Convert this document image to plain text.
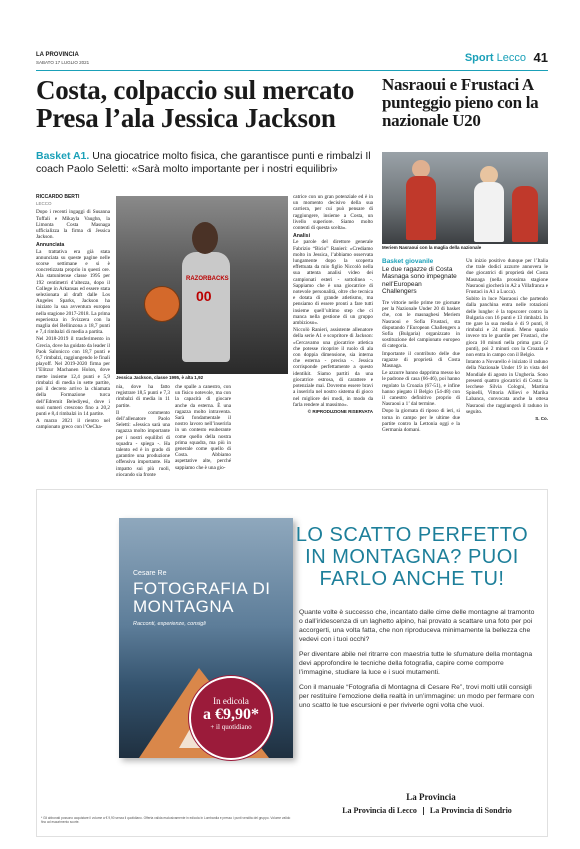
LA PROVINCIA
SABATO 17 LUGLIO 2021	Sport Lecco 41
Costa, colpaccio sul mercato Presa l’ala Jessica Jackson
Basket A1. Una giocatrice molto fisica, che garantisce punti e rimbalzi Il coach Paolo Seletti: «Sarà molto importante per i nostri equilibri»
RICCARDO BERTI
LECCO

Dopo i recenti ingaggi di Susanna Toffali e Mikayla Vaughn, la Limonta Costa Masnaga ufficializza la firma di Jessica Jackson.

Annunciata

La trattativa era già stata annunciata su queste pagine nelle scorse settimane e si è concretizzata proprio in questi ore. Ala statunitense classe 1995 per 192 centimetri d’altezza, dopo il College in Arkansas ed essere stata selezionata al draft dalle Los Angeles Sparks, Jackson ha iniziato la sua avventura europea nella stagione 2017-2018. La prima esperienza in Svizzera con la maglia del Bellinzona a 18,7 punti e 7,4 rimbalzi di media a partita.

Nel 2018-2019 il trasferimento in Grecia, dove ha guidato da leader il Paok Salonicco con 18,7 punti e 6,7 rimbalzi, raggiungendo le finali playoff. Nel 2019-2020 firma per l’Elitzur Machanen Holon, dove mette insieme 12,4 punti e 5,9 rimbalzi di media in sette partite, poi il decreto arrivo la chiamata della Formazione turca dell’Edremit Belediyesi, dove i suoi numeri crescono fino a 20,2 punti e 8,4 rimbalzi in 14 partite.

A marzo 2021 il rientro nel campionato greco con l’OeCha-

RAZORBACKS
00
Jessica Jackson, classe 1995, è alta 1,92

nia, dove ha fatto registrare 18,5 punti e 7,3 rimbalzi di media in 11 partite.

Il commento dell’allenatore Paolo Seletti: «Jessica sarà una ragazza molto importante per i nostri equilibri di squadra - spiega -. Ha talento ed è in grado di garantire una produzione offensiva importante. Ha impatto sui più ruoli, giocando sia fronte

che spalle a canestro, con un fisico notevole, ma con la capacità di giocare anche da esterna. È una ragazza molto intraventa. Sarà fondamentale il nostro lavoro nell’inserirla in un contesto esuberante come quello della nostra prima squadra, ma più in generale come quello di Costa. Abbiamo aspettative alte, perché sappiamo che è una gio-

catrice con un gran potenziale ed è in un momento decisivo della sua carriera, per cui può pensare di raggiungere, insieme a Costa, un livello superiore. Siamo molto contenti di questa scelta».

Analisi

Le parole del direttore generale Fabrizio “Bicio” Ranieri: «Crediamo molto in Jessica, l’abbiamo osservata lungamente dopo la scoperta effettuata da mio figlio Niccolò nella sua attenta analisi video dei campionati esteri - sottolinea -. Sappiamo che è una giocatrice di notevole personalità, oltre che tecnica e dotata di grande atletismo, ma pensiamo di essere pronti a fare tutti insieme quell’ultimo step che ci manca nella gestione di un gruppo ambizioso».

Niccolò Ranieri, assistente allenatore della serie A1 e scopritore di Jackson: «Cercavamo una giocatrice atletica che potesse ricoprire il ruolo di ala con doppia dimensione, sia interna che esterna - precisa -. Jessica corrisponde perfettamente a questo identikit. Siamo partiti da una giocatrice estrosa, di carattere e potenziale mai. Dovremo essere bravi a inserirla nel nostro sistema di gioco nel migliore dei modi, in modo da farla rendere al massimo».

© RIPRODUZIONE RISERVATA

Nasraoui e Frustaci A punteggio pieno con la nazionale U20
Meriem Nasraoui con la maglia della nazionale
Basket giovanile
Le due ragazze di Costa Masnaga sono impegnate nell’European Challengers

Tre vittorie nelle prime tre giornate per la Nazionale Under 20 di basket che, con le masnaghesi Meriem Nasraoui e Sofia Frustaci, sta disputando l’European Challengers a Sofia (Bulgaria) organizzato in sostituzione del campionato europeo di categoria.

Importante il contributo delle due ragazze di proprietà di Costa Masnaga.

Le azzurre hanno dapprima messo ko le padrone di casa (66-46), poi hanno regolato la Croazia (67-51), e infine hanno piegato il Belgio (54-48) con il canestro definitivo proprio di Nasraoui a 1’ dal termine.

Dopo la giornata di riposo di ieri, si torna in campo per le ultime due partite contro la Lettonia oggi e la Germania domani.

Un inizio positivo dunque per l’Italia che trale dodici azzurre annovera le due giocatrici di proprietà del Costa Masnaga (nella prossima stagione Nasraoui giocherà in A2 a Villafranca e Frustaci in A1 a Lucca).

Subito in luce Nasraoui che partendo dalla panchina entra nelle rotazioni delle lunghe: è la topscorer contro la Bulgaria con 16 punti e 13 rimbalzi. In tre gare la sua media è di 9 punti, 8 rimbalzi e 24 minuti. Meno spazio invece tra le guardie per Frustaci, che gioca 10 minuti nella prima gara (2 punti), poi 2 minuti con la Croazia e non entra in campo con il Belgio.

Intanto a Novarello è iniziato il raduno della Nazionale Under 19 in vista del Mondiale di agosto in Ungheria. Sono presenti quattro giocatrici di Costa: la lecchese Silvia Cologni, Martina Spinelli, Vittoria Allievi e Marika Labanca, convocata anche la ottesa Nasraoui che raggiungerà il raduno in seguito.

S. Co.

Cesare Re
FOTOGRAFIA DI MONTAGNA
Racconti, esperienze, consigli
In edicola
a €9,90*
+ il quotidiano
LO SCATTO PERFETTO IN MONTAGNA? PUOI FARLO ANCHE TU!

Quante volte è successo che, incantato dalle cime delle montagne al tramonto o dall’iridescenza di un laghetto alpino, hai provato a scattare una foto per poi accorgerti, una volta fatta, che non riproduceva minimamente la bellezza che vedevi con i tuoi occhi?

Per diventare abile nel ritrarre con maestria tutte le sfumature della montagna devi approfondire le tecniche della fotografia, capire come comporre l’immagine, studiare la luce e i suoi mutamenti.

Con il manuale “Fotografia di Montagna di Cesare Re”, trovi molti utili consigli per restituire l’emozione della realtà in un’immagine: un modo per fermare con uno scatto le tue escursioni e per riviverle ogni volta che vuoi.

La Provincia
La Provincia di Lecco La Provincia di Sondrio
* Gli abbonati possono acquistare il volume a € 9,90 senza il quotidiano. Offerta valida esclusivamente in edicola in Lombardia e presso i punti vendita del gruppo. Volume valido fino ad esaurimento scorte.
